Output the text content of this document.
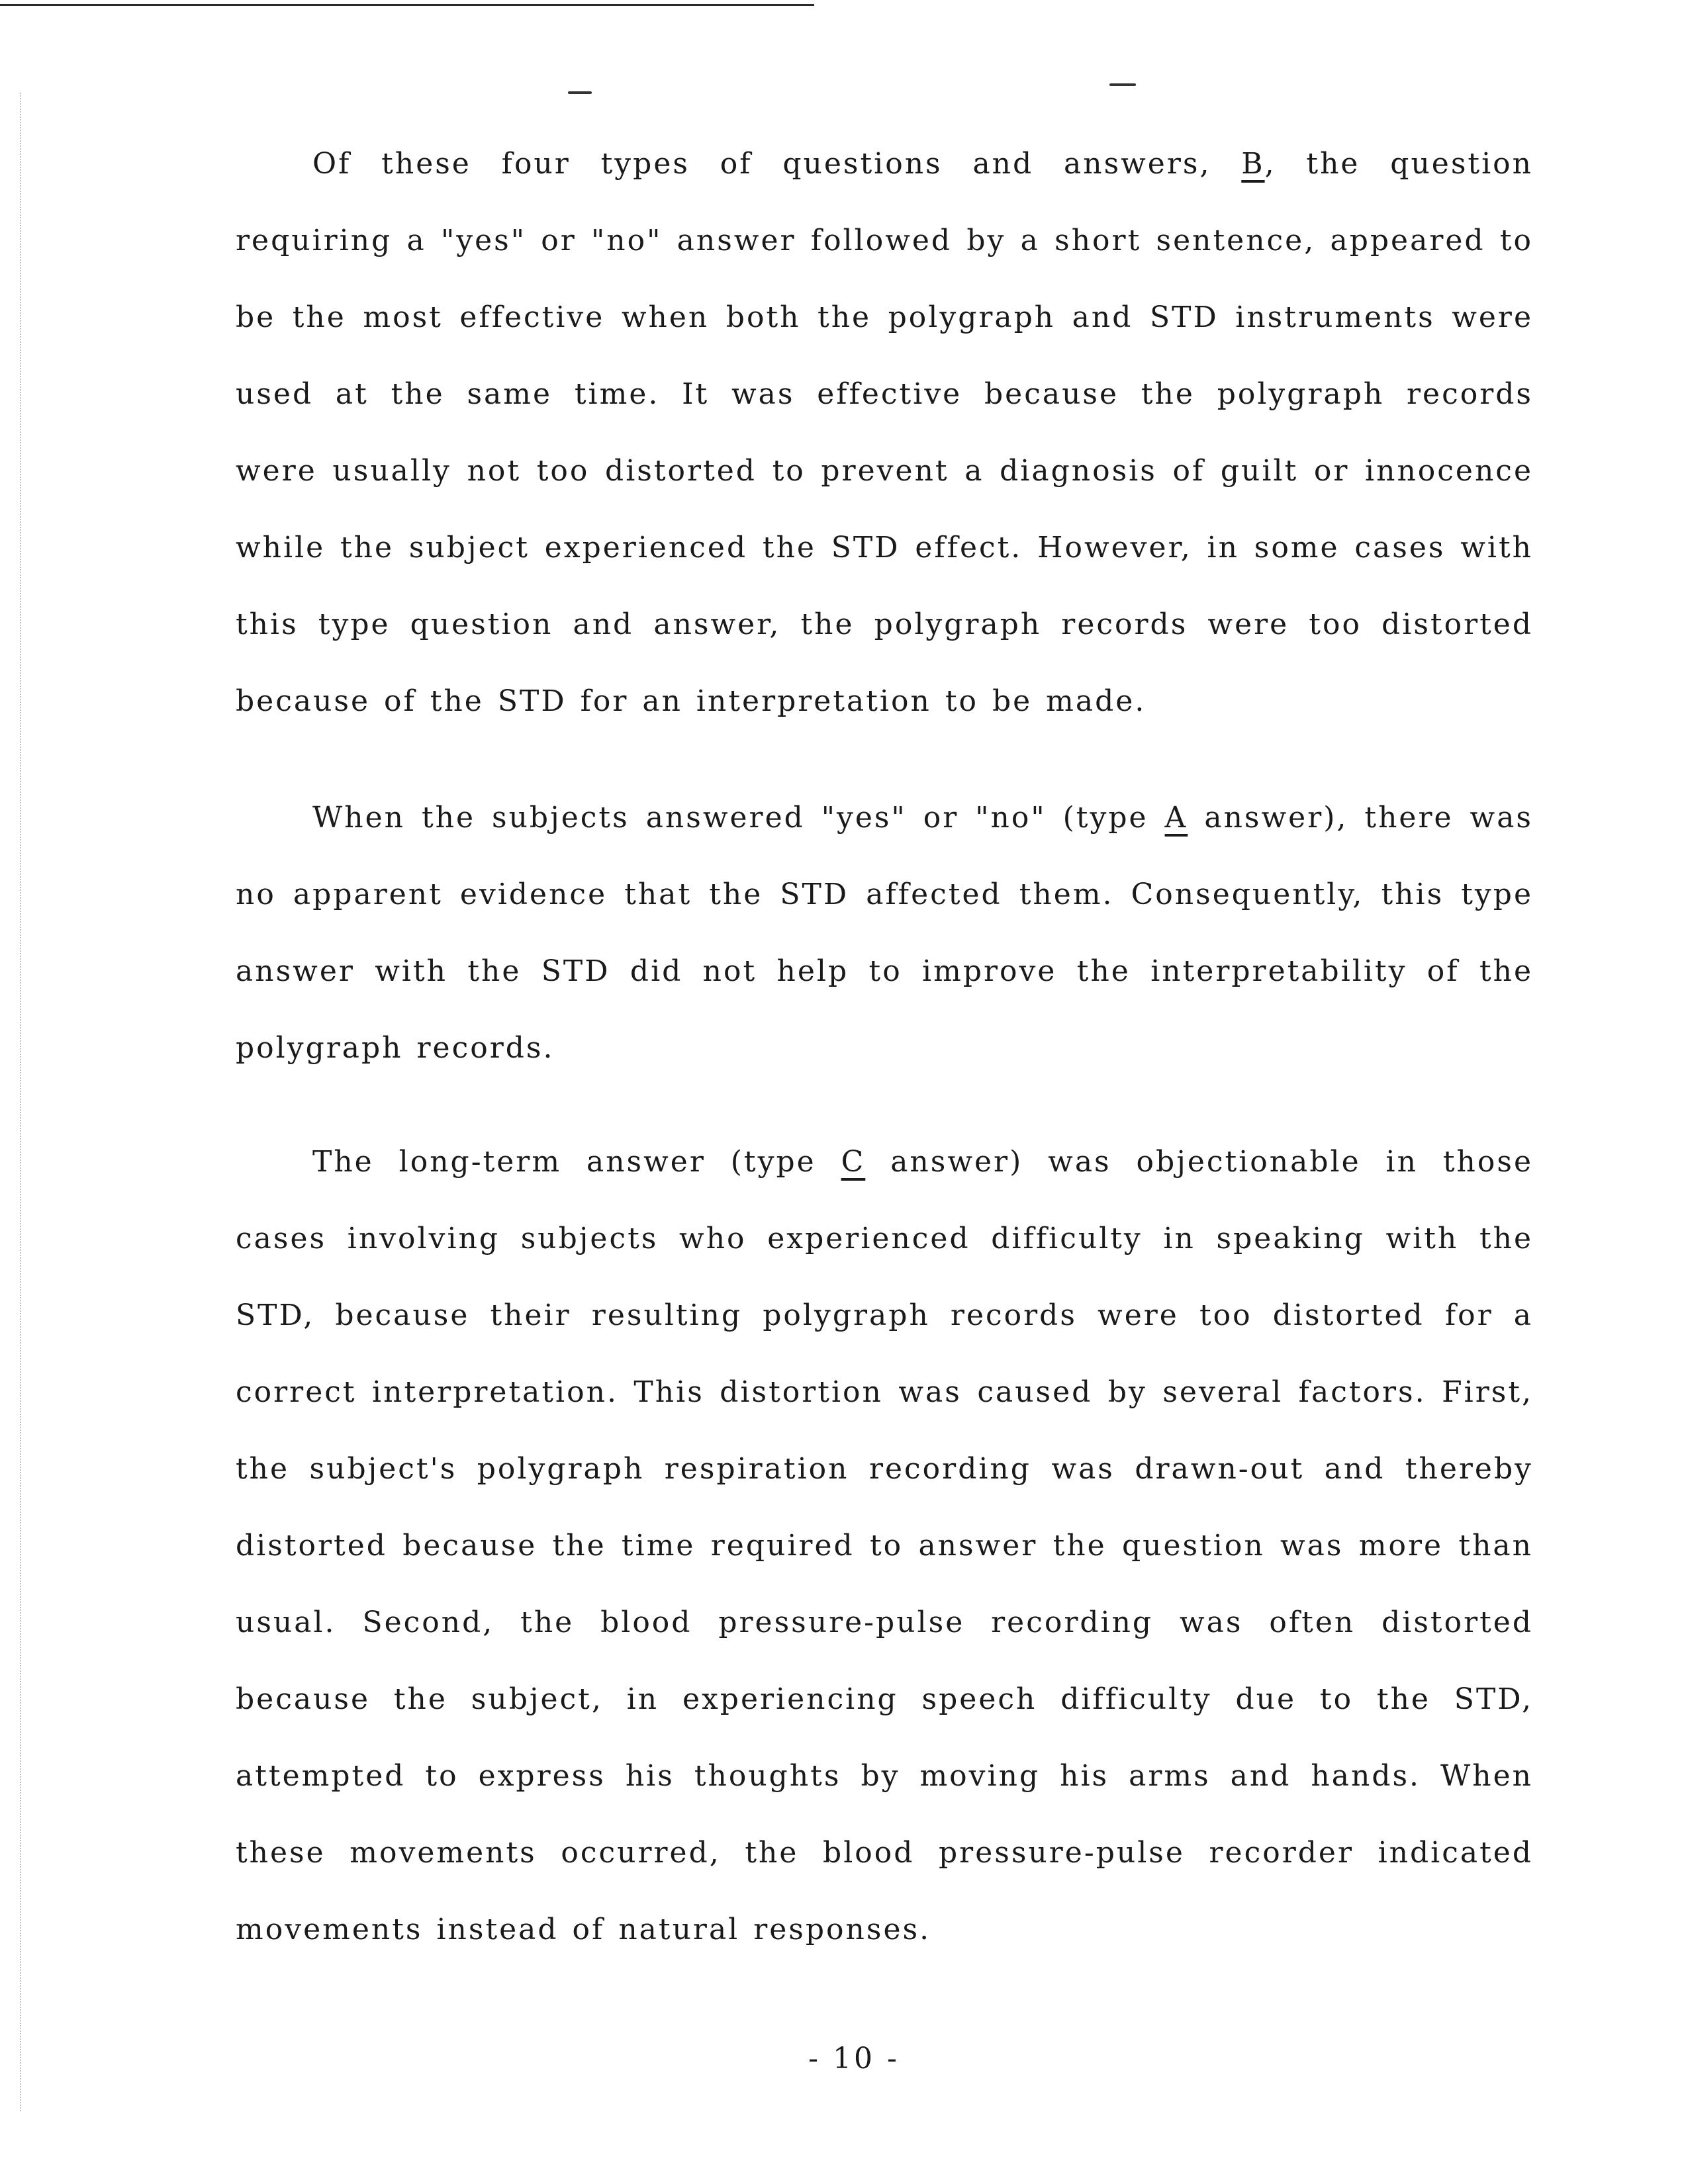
Of these four types of questions and answers, B, the question requiring a "yes" or "no" answer followed by a short sentence, appeared to be the most effective when both the polygraph and STD instruments were used at the same time. It was effective because the polygraph records were usually not too distorted to prevent a diagnosis of guilt or innocence while the subject experienced the STD effect. However, in some cases with this type question and answer, the polygraph records were too distorted because of the STD for an interpretation to be made.

When the subjects answered "yes" or "no" (type A answer), there was no apparent evidence that the STD affected them. Consequently, this type answer with the STD did not help to improve the interpretability of the polygraph records.

The long-term answer (type C answer) was objectionable in those cases involving subjects who experienced difficulty in speaking with the STD, because their resulting polygraph records were too distorted for a correct interpretation. This distortion was caused by several factors. First, the subject's polygraph respiration recording was drawn-out and thereby distorted because the time required to answer the question was more than usual. Second, the blood pressure-pulse recording was often distorted because the subject, in experiencing speech difficulty due to the STD, attempted to express his thoughts by moving his arms and hands. When these movements occurred, the blood pressure-pulse recorder indicated movements instead of natural responses.

- 10 -
